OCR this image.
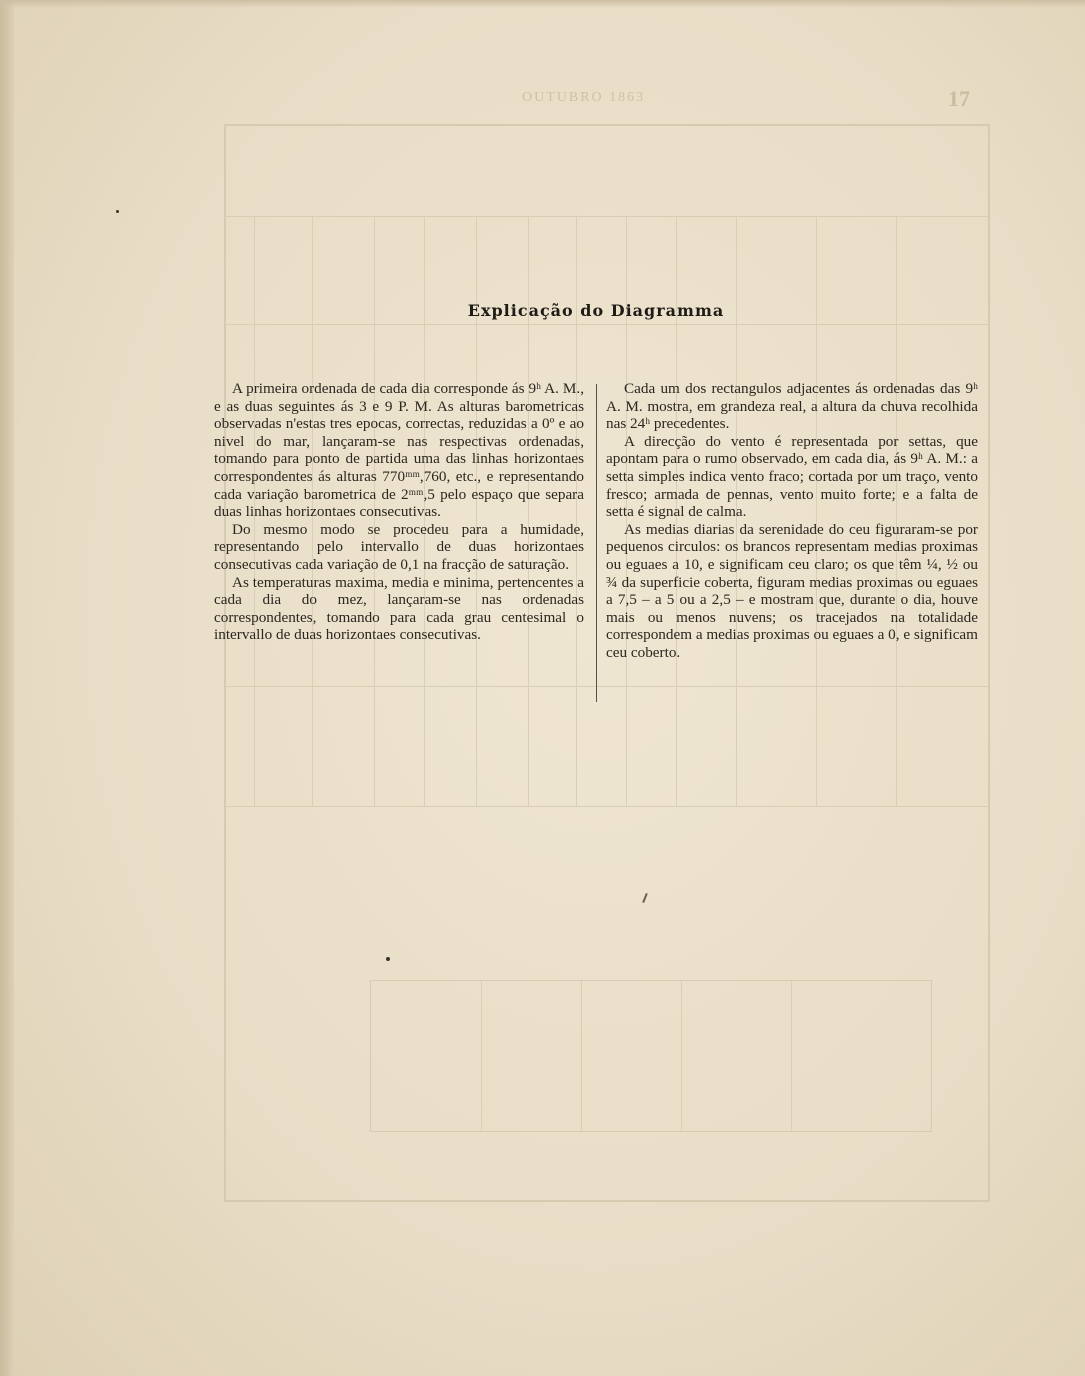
17
OUTUBRO 1863
Explicação do Diagramma

A primeira ordenada de cada dia corresponde ás 9ʰ A. M., e as duas seguintes ás 3 e 9 P. M. As alturas barometricas observadas n'estas tres epocas, correctas, reduzidas a 0º e ao nivel do mar, lançaram-se nas respectivas ordenadas, tomando para ponto de partida uma das linhas horizontaes correspondentes ás alturas 770ᵐᵐ,760, etc., e representando cada variação barometrica de 2ᵐᵐ,5 pelo espaço que separa duas linhas horizontaes consecutivas.

Do mesmo modo se procedeu para a humidade, representando pelo intervallo de duas horizontaes consecutivas cada variação de 0,1 na fracção de saturação.

As temperaturas maxima, media e minima, pertencentes a cada dia do mez, lançaram-se nas ordenadas correspondentes, tomando para cada grau centesimal o intervallo de duas horizontaes consecutivas.

Cada um dos rectangulos adjacentes ás ordenadas das 9ʰ A. M. mostra, em grandeza real, a altura da chuva recolhida nas 24ʰ precedentes.

A direcção do vento é representada por settas, que apontam para o rumo observado, em cada dia, ás 9ʰ A. M.: a setta simples indica vento fraco; cortada por um traço, vento fresco; armada de pennas, vento muito forte; e a falta de setta é signal de calma.

As medias diarias da serenidade do ceu figuraram-se por pequenos circulos: os brancos representam medias proximas ou eguaes a 10, e significam ceu claro; os que têm ¼, ½ ou ¾ da superficie coberta, figuram medias proximas ou eguaes a 7,5 – a 5 ou a 2,5 – e mostram que, durante o dia, houve mais ou menos nuvens; os tracejados na totalidade correspondem a medias proximas ou eguaes a 0, e significam ceu coberto.
